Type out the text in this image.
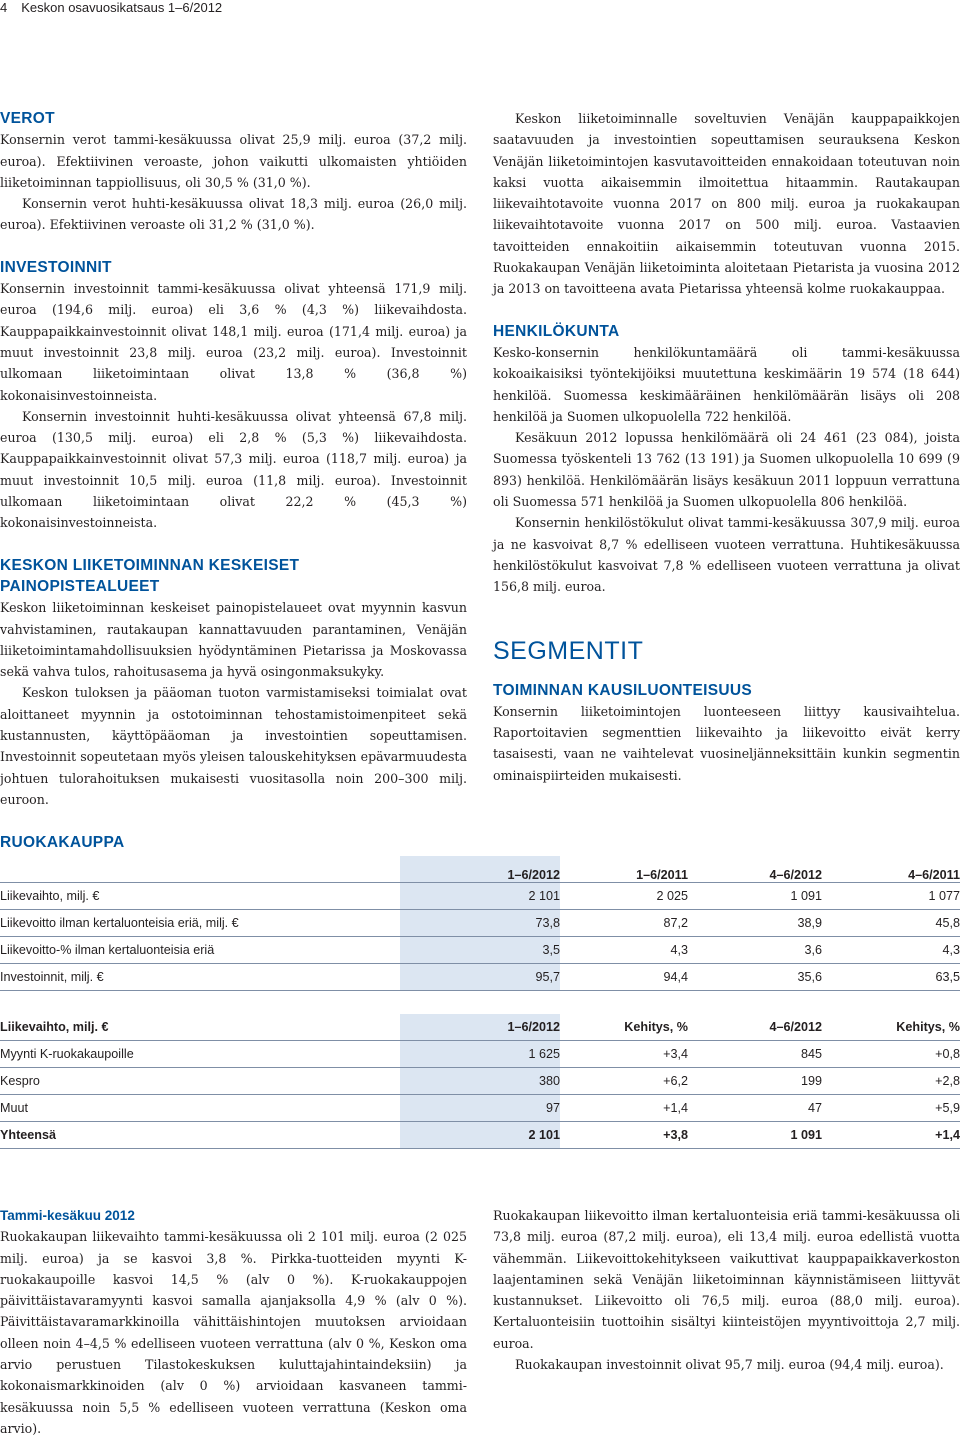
4 Keskon osavuosikatsaus 1–6/2012
VEROT

Konsernin verot tammi-kesäkuussa olivat 25,9 milj. euroa (37,2 milj. euroa). Efektiivinen veroaste, johon vaikutti ulkomaisten yhtiöiden liiketoiminnan tappiollisuus, oli 30,5 % (31,0 %).

Konsernin verot huhti-kesäkuussa olivat 18,3 milj. euroa (26,0 milj. euroa). Efektiivinen veroaste oli 31,2 % (31,0 %).

INVESTOINNIT

Konsernin investoinnit tammi-kesäkuussa olivat yhteensä 171,9 milj. euroa (194,6 milj. euroa) eli 3,6 % (4,3 %) liikevaihdosta. Kauppapaikkainvestoinnit olivat 148,1 milj. euroa (171,4 milj. euroa) ja muut investoinnit 23,8 milj. euroa (23,2 milj. euroa). Investoinnit ulkomaan liiketoimintaan olivat 13,8 % (36,8 %) kokonaisinvestoinneista.

Konsernin investoinnit huhti-kesäkuussa olivat yhteensä 67,8 milj. euroa (130,5 milj. euroa) eli 2,8 % (5,3 %) liikevaihdosta. Kauppapaikkainvestoinnit olivat 57,3 milj. euroa (118,7 milj. euroa) ja muut investoinnit 10,5 milj. euroa (11,8 milj. euroa). Investoinnit ulkomaan liiketoimintaan olivat 22,2 % (45,3 %) kokonaisinvestoinneista.

KESKON LIIKETOIMINNAN KESKEISET
PAINOPISTEALUEET

Keskon liiketoiminnan keskeiset painopistelaueet ovat myynnin kasvun vahvistaminen, rautakaupan kannattavuuden parantaminen, Venäjän liiketoimintamahdollisuuksien hyödyntäminen Pietarissa ja Moskovassa sekä vahva tulos, rahoitusasema ja hyvä osingonmaksukyky.

Keskon tuloksen ja pääoman tuoton varmistamiseksi toimialat ovat aloittaneet myynnin ja ostotoiminnan tehostamistoimenpiteet sekä kustannusten, käyttöpääoman ja investointien sopeuttamisen. Investoinnit sopeutetaan myös yleisen talouskehityksen epävarmuudesta johtuen tulorahoituksen mukaisesti vuositasolla noin 200–300 milj. euroon.

Keskon liiketoiminnalle soveltuvien Venäjän kauppapaikkojen saatavuuden ja investointien sopeuttamisen seurauksena Keskon Venäjän liiketoimintojen kasvutavoitteiden ennakoidaan toteutuvan noin kaksi vuotta aikaisemmin ilmoitettua hitaammin. Rautakaupan liikevaihtotavoite vuonna 2017 on 800 milj. euroa ja ruokakaupan liikevaihtotavoite vuonna 2017 on 500 milj. euroa. Vastaavien tavoitteiden ennakoitiin aikaisemmin toteutuvan vuonna 2015. Ruokakaupan Venäjän liiketoiminta aloitetaan Pietarista ja vuosina 2012 ja 2013 on tavoitteena avata Pietarissa yhteensä kolme ruokakauppaa.

HENKILÖKUNTA

Kesko-konsernin henkilökuntamäärä oli tammi-kesäkuussa kokoaikaisiksi työntekijöiksi muutettuna keskimäärin 19 574 (18 644) henkilöä. Suomessa keskimääräinen henkilömäärän lisäys oli 208 henkilöä ja Suomen ulkopuolella 722 henkilöä.

Kesäkuun 2012 lopussa henkilömäärä oli 24 461 (23 084), joista Suomessa työskenteli 13 762 (13 191) ja Suomen ulkopuolella 10 699 (9 893) henkilöä. Henkilömäärän lisäys kesäkuun 2011 loppuun verrattuna oli Suomessa 571 henkilöä ja Suomen ulkopuolella 806 henkilöä.

Konsernin henkilöstökulut olivat tammi-kesäkuussa 307,9 milj. euroa ja ne kasvoivat 8,7 % edelliseen vuoteen verrattuna. Huhtikesäkuussa henkilöstökulut kasvoivat 7,8 % edelliseen vuoteen verrattuna ja olivat 156,8 milj. euroa.

SEGMENTIT
TOIMINNAN KAUSILUONTEISUUS

Konsernin liiketoimintojen luonteeseen liittyy kausivaihtelua. Raportoitavien segmenttien liikevaihto ja liikevoitto eivät kerry tasaisesti, vaan ne vaihtelevat vuosineljänneksittäin kunkin segmentin ominaispiirteiden mukaisesti.

RUOKAKAUPPA
	1–6/2012	1–6/2011	4–6/2012	4–6/2011
Liikevaihto, milj. €	2 101	2 025	1 091	1 077
Liikevoitto ilman kertaluonteisia eriä, milj. €	73,8	87,2	38,9	45,8
Liikevoitto-% ilman kertaluonteisia eriä	3,5	4,3	3,6	4,3
Investoinnit, milj. €	95,7	94,4	35,6	63,5
Liikevaihto, milj. €	1–6/2012	Kehitys, %	4–6/2012	Kehitys, %
Myynti K-ruokakaupoille	1 625	+3,4	845	+0,8
Kespro	380	+6,2	199	+2,8
Muut	97	+1,4	47	+5,9
Yhteensä	2 101	+3,8	1 091	+1,4
Tammi-kesäkuu 2012

Ruokakaupan liikevaihto tammi-kesäkuussa oli 2 101 milj. euroa (2 025 milj. euroa) ja se kasvoi 3,8 %. Pirkka-tuotteiden myynti K-ruokakaupoille kasvoi 14,5 % (alv 0 %). K-ruokakauppojen päivittäistavaramyynti kasvoi samalla ajanjaksolla 4,9 % (alv 0 %). Päivittäistavaramarkkinoilla vähittäishintojen muutoksen arvioidaan olleen noin 4–4,5 % edelliseen vuoteen verrattuna (alv 0 %, Keskon oma arvio perustuen Tilastokeskuksen kuluttajahintaindeksiin) ja kokonaismarkkinoiden (alv 0 %) arvioidaan kasvaneen tammi-kesäkuussa noin 5,5 % edelliseen vuoteen verrattuna (Keskon oma arvio).

Ruokakaupan liikevoitto ilman kertaluonteisia eriä tammi-kesäkuussa oli 73,8 milj. euroa (87,2 milj. euroa), eli 13,4 milj. euroa edellistä vuotta vähemmän. Liikevoittokehitykseen vaikuttivat kauppapaikkaverkoston laajentaminen sekä Venäjän liiketoiminnan käynnistämiseen liittyvät kustannukset. Liikevoitto oli 76,5 milj. euroa (88,0 milj. euroa). Kertaluonteisiin tuottoihin sisältyi kiinteistöjen myyntivoittoja 2,7 milj. euroa.

Ruokakaupan investoinnit olivat 95,7 milj. euroa (94,4 milj. euroa).
